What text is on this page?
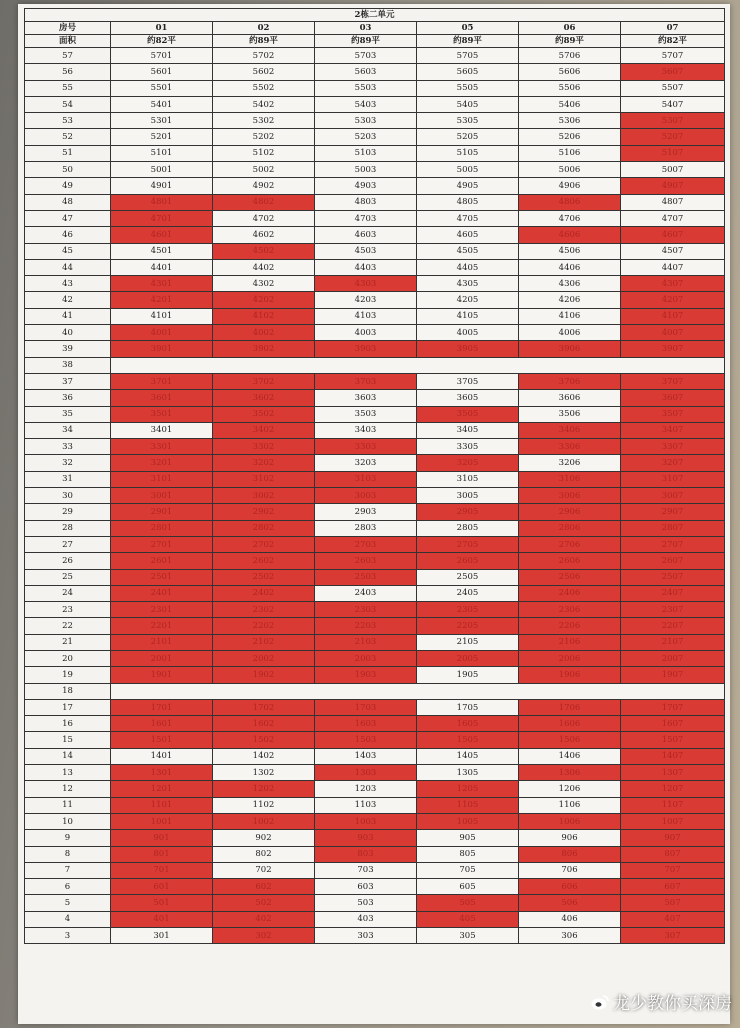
2栋二单元						
房号	01	02	03	05	06	07
面积	约82平	约89平	约89平	约89平	约89平	约82平
57	5701	5702	5703	5705	5706	5707
56	5601	5602	5603	5605	5606	5607
55	5501	5502	5503	5505	5506	5507
54	5401	5402	5403	5405	5406	5407
53	5301	5302	5303	5305	5306	5307
52	5201	5202	5203	5205	5206	5207
51	5101	5102	5103	5105	5106	5107
50	5001	5002	5003	5005	5006	5007
49	4901	4902	4903	4905	4906	4907
48	4801	4802	4803	4805	4806	4807
47	4701	4702	4703	4705	4706	4707
46	4601	4602	4603	4605	4606	4607
45	4501	4502	4503	4505	4506	4507
44	4401	4402	4403	4405	4406	4407
43	4301	4302	4303	4305	4306	4307
42	4201	4202	4203	4205	4206	4207
41	4101	4102	4103	4105	4106	4107
40	4001	4002	4003	4005	4006	4007
39	3901	3902	3903	3905	3906	3907
38						
37	3701	3702	3703	3705	3706	3707
36	3601	3602	3603	3605	3606	3607
35	3501	3502	3503	3505	3506	3507
34	3401	3402	3403	3405	3406	3407
33	3301	3302	3303	3305	3306	3307
32	3201	3202	3203	3205	3206	3207
31	3101	3102	3103	3105	3106	3107
30	3001	3002	3003	3005	3006	3007
29	2901	2902	2903	2905	2906	2907
28	2801	2802	2803	2805	2806	2807
27	2701	2702	2703	2705	2706	2707
26	2601	2602	2603	2605	2606	2607
25	2501	2502	2503	2505	2506	2507
24	2401	2402	2403	2405	2406	2407
23	2301	2302	2303	2305	2306	2307
22	2201	2202	2203	2205	2206	2207
21	2101	2102	2103	2105	2106	2107
20	2001	2002	2003	2005	2006	2007
19	1901	1902	1903	1905	1906	1907
18						
17	1701	1702	1703	1705	1706	1707
16	1601	1602	1603	1605	1606	1607
15	1501	1502	1503	1505	1506	1507
14	1401	1402	1403	1405	1406	1407
13	1301	1302	1303	1305	1306	1307
12	1201	1202	1203	1205	1206	1207
11	1101	1102	1103	1105	1106	1107
10	1001	1002	1003	1005	1006	1007
9	901	902	903	905	906	907
8	801	802	803	805	806	807
7	701	702	703	705	706	707
6	601	602	603	605	606	607
5	501	502	503	505	506	507
4	401	402	403	405	406	407
3	301	302	303	305	306	307
龙少教你买深房
